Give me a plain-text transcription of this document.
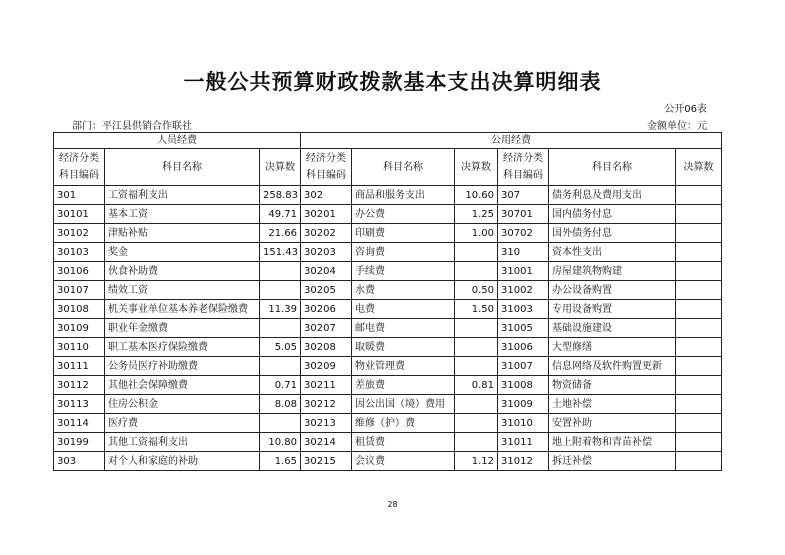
一般公共预算财政拨款基本支出决算明细表
公开06表
部门：平江县供销合作联社	金额单位：元
人员经费			公用经费					
经济分类科目编码	科目名称	决算数	经济分类科目编码	科目名称	决算数	经济分类科目编码	科目名称	决算数
301	工资福利支出	258.83	302	商品和服务支出	10.60	307	债务利息及费用支出	
30101	基本工资	49.71	30201	办公费	1.25	30701	国内债务付息	
30102	津贴补贴	21.66	30202	印刷费	1.00	30702	国外债务付息	
30103	奖金	151.43	30203	咨询费		310	资本性支出	
30106	伙食补助费		30204	手续费		31001	房屋建筑物购建	
30107	绩效工资		30205	水费	0.50	31002	办公设备购置	
30108	机关事业单位基本养老保险缴费	11.39	30206	电费	1.50	31003	专用设备购置	
30109	职业年金缴费		30207	邮电费		31005	基础设施建设	
30110	职工基本医疗保险缴费	5.05	30208	取暖费		31006	大型修缮	
30111	公务员医疗补助缴费		30209	物业管理费		31007	信息网络及软件购置更新	
30112	其他社会保障缴费	0.71	30211	差旅费	0.81	31008	物资储备	
30113	住房公积金	8.08	30212	因公出国（境）费用		31009	土地补偿	
30114	医疗费		30213	维修（护）费		31010	安置补助	
30199	其他工资福利支出	10.80	30214	租赁费		31011	地上附着物和青苗补偿	
303	对个人和家庭的补助	1.65	30215	会议费	1.12	31012	拆迁补偿	
28
